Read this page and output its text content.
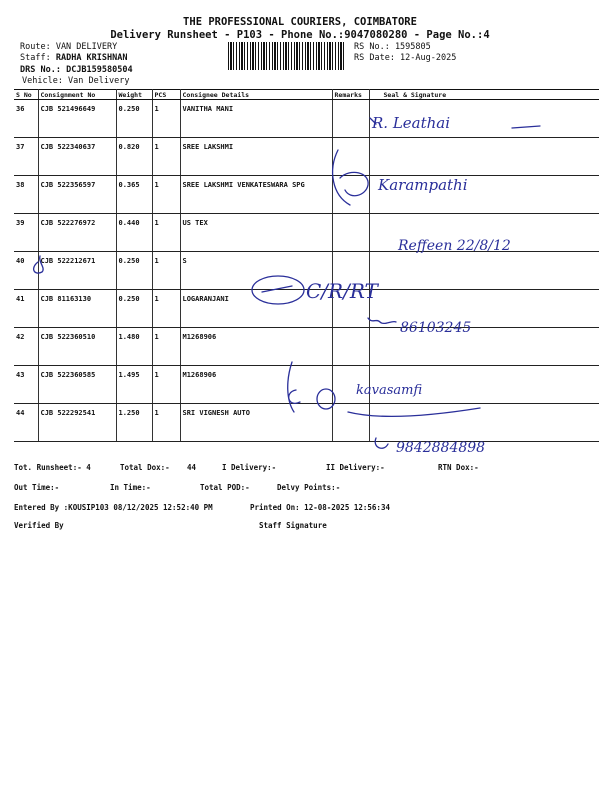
THE PROFESSIONAL COURIERS, COIMBATORE
Delivery Runsheet - P103 - Phone No.:9047080280 - Page No.:4
Route: VAN DELIVERY
Staff: RADHA KRISHNAN
DRS No.: DCJB159580504
Vehicle: Van Delivery
RS No.: 1595805
RS Date: 12-Aug-2025
S No	Consignment No	Weight	PCS	Consignee Details	Remarks	Seal & Signature
36	CJB 521496649	0.250	1	VANITHA MANI		
37	CJB 522340637	0.820	1	SREE LAKSHMI		
38	CJB 522356597	0.365	1	SREE LAKSHMI VENKATESWARA SPG		
39	CJB 522276972	0.440	1	US TEX		
40	CJB 522212671	0.250	1	S		
41	CJB 81163130	0.250	1	LOGARANJANI		
42	CJB 522360510	1.480	1	M1268906		
43	CJB 522360585	1.495	1	M1268906		
44	CJB 522292541	1.250	1	SRI VIGNESH AUTO		
R. Leathai
Karampathi
Reffeen 22/8/12
C/R/RT
86103245
kavasamfi
9842884898
Tot. Runsheet:- 4	Total Dox:- 44	I Delivery:-	II Delivery:-	RTN Dox:-
Out Time:-	In Time:-	Total POD:-	Delvy Points:-
Entered By :KOUSIP103 08/12/2025 12:52:40 PM	Printed On: 12-08-2025 12:56:34
Verified By	Staff Signature
